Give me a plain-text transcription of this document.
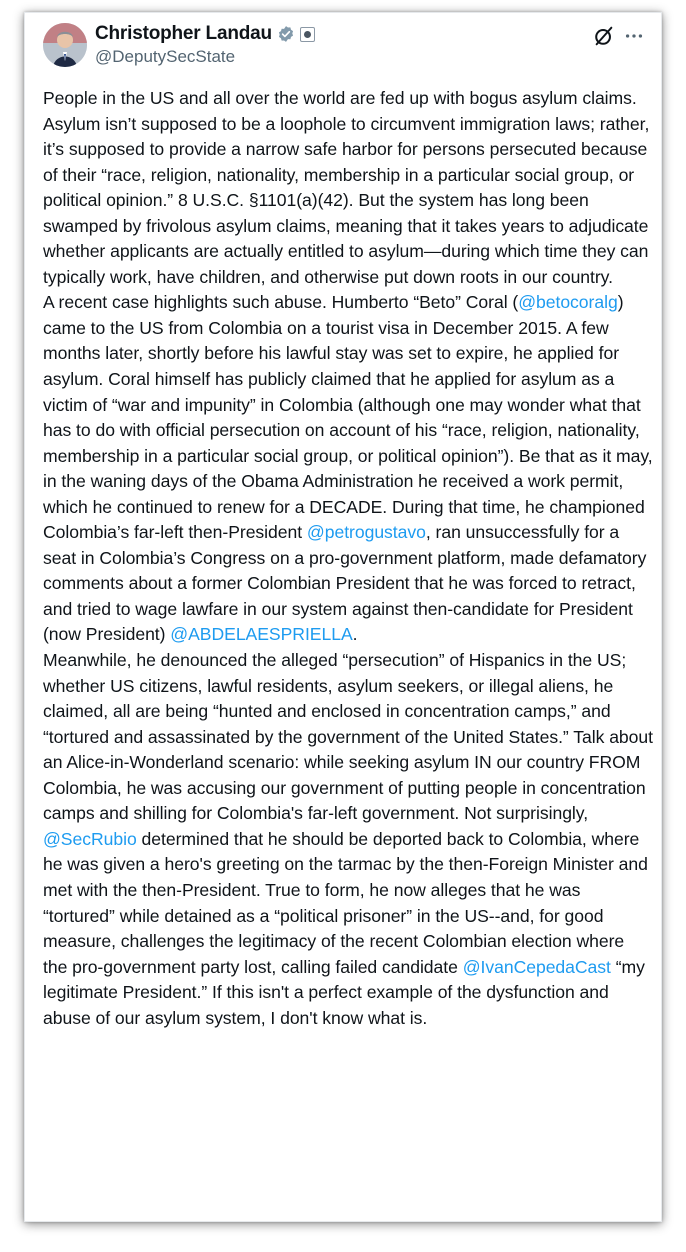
Christopher Landau
@DeputySecState

People in the US and all over the world are fed up with bogus asylum claims. Asylum isn’t supposed to be a loophole to circumvent immigration laws; rather, it’s supposed to provide a narrow safe harbor for persons persecuted because of their “race, religion, nationality, membership in a particular social group, or political opinion.” 8 U.S.C. §1101(a)(42). But the system has long been swamped by frivolous asylum claims, meaning that it takes years to adjudicate whether applicants are actually entitled to asylum—during which time they can typically work, have children, and otherwise put down roots in our country.

A recent case highlights such abuse. Humberto “Beto” Coral (@betocoralg) came to the US from Colombia on a tourist visa in December 2015. A few months later, shortly before his lawful stay was set to expire, he applied for asylum. Coral himself has publicly claimed that he applied for asylum as a victim of “war and impunity” in Colombia (although one may wonder what that has to do with official persecution on account of his “race, religion, nationality, membership in a particular social group, or political opinion”). Be that as it may, in the waning days of the Obama Administration he received a work permit, which he continued to renew for a DECADE. During that time, he championed Colombia’s far-left then-President @petrogustavo, ran unsuccessfully for a seat in Colombia’s Congress on a pro-government platform, made defamatory comments about a former Colombian President that he was forced to retract, and tried to wage lawfare in our system against then-candidate for President (now President) @ABDELAESPRIELLA.

Meanwhile, he denounced the alleged “persecution” of Hispanics in the US; whether US citizens, lawful residents, asylum seekers, or illegal aliens, he claimed, all are being “hunted and enclosed in concentration camps,” and “tortured and assassinated by the government of the United States.” Talk about an Alice-in-Wonderland scenario: while seeking asylum IN our country FROM Colombia, he was accusing our government of putting people in concentration camps and shilling for Colombia's far-left government. Not surprisingly, @SecRubio determined that he should be deported back to Colombia, where he was given a hero's greeting on the tarmac by the then-Foreign Minister and met with the then-President. True to form, he now alleges that he was “tortured” while detained as a “political prisoner” in the US--and, for good measure, challenges the legitimacy of the recent Colombian election where the pro-government party lost, calling failed candidate @IvanCepedaCast “my legitimate President.” If this isn't a perfect example of the dysfunction and abuse of our asylum system, I don't know what is.
